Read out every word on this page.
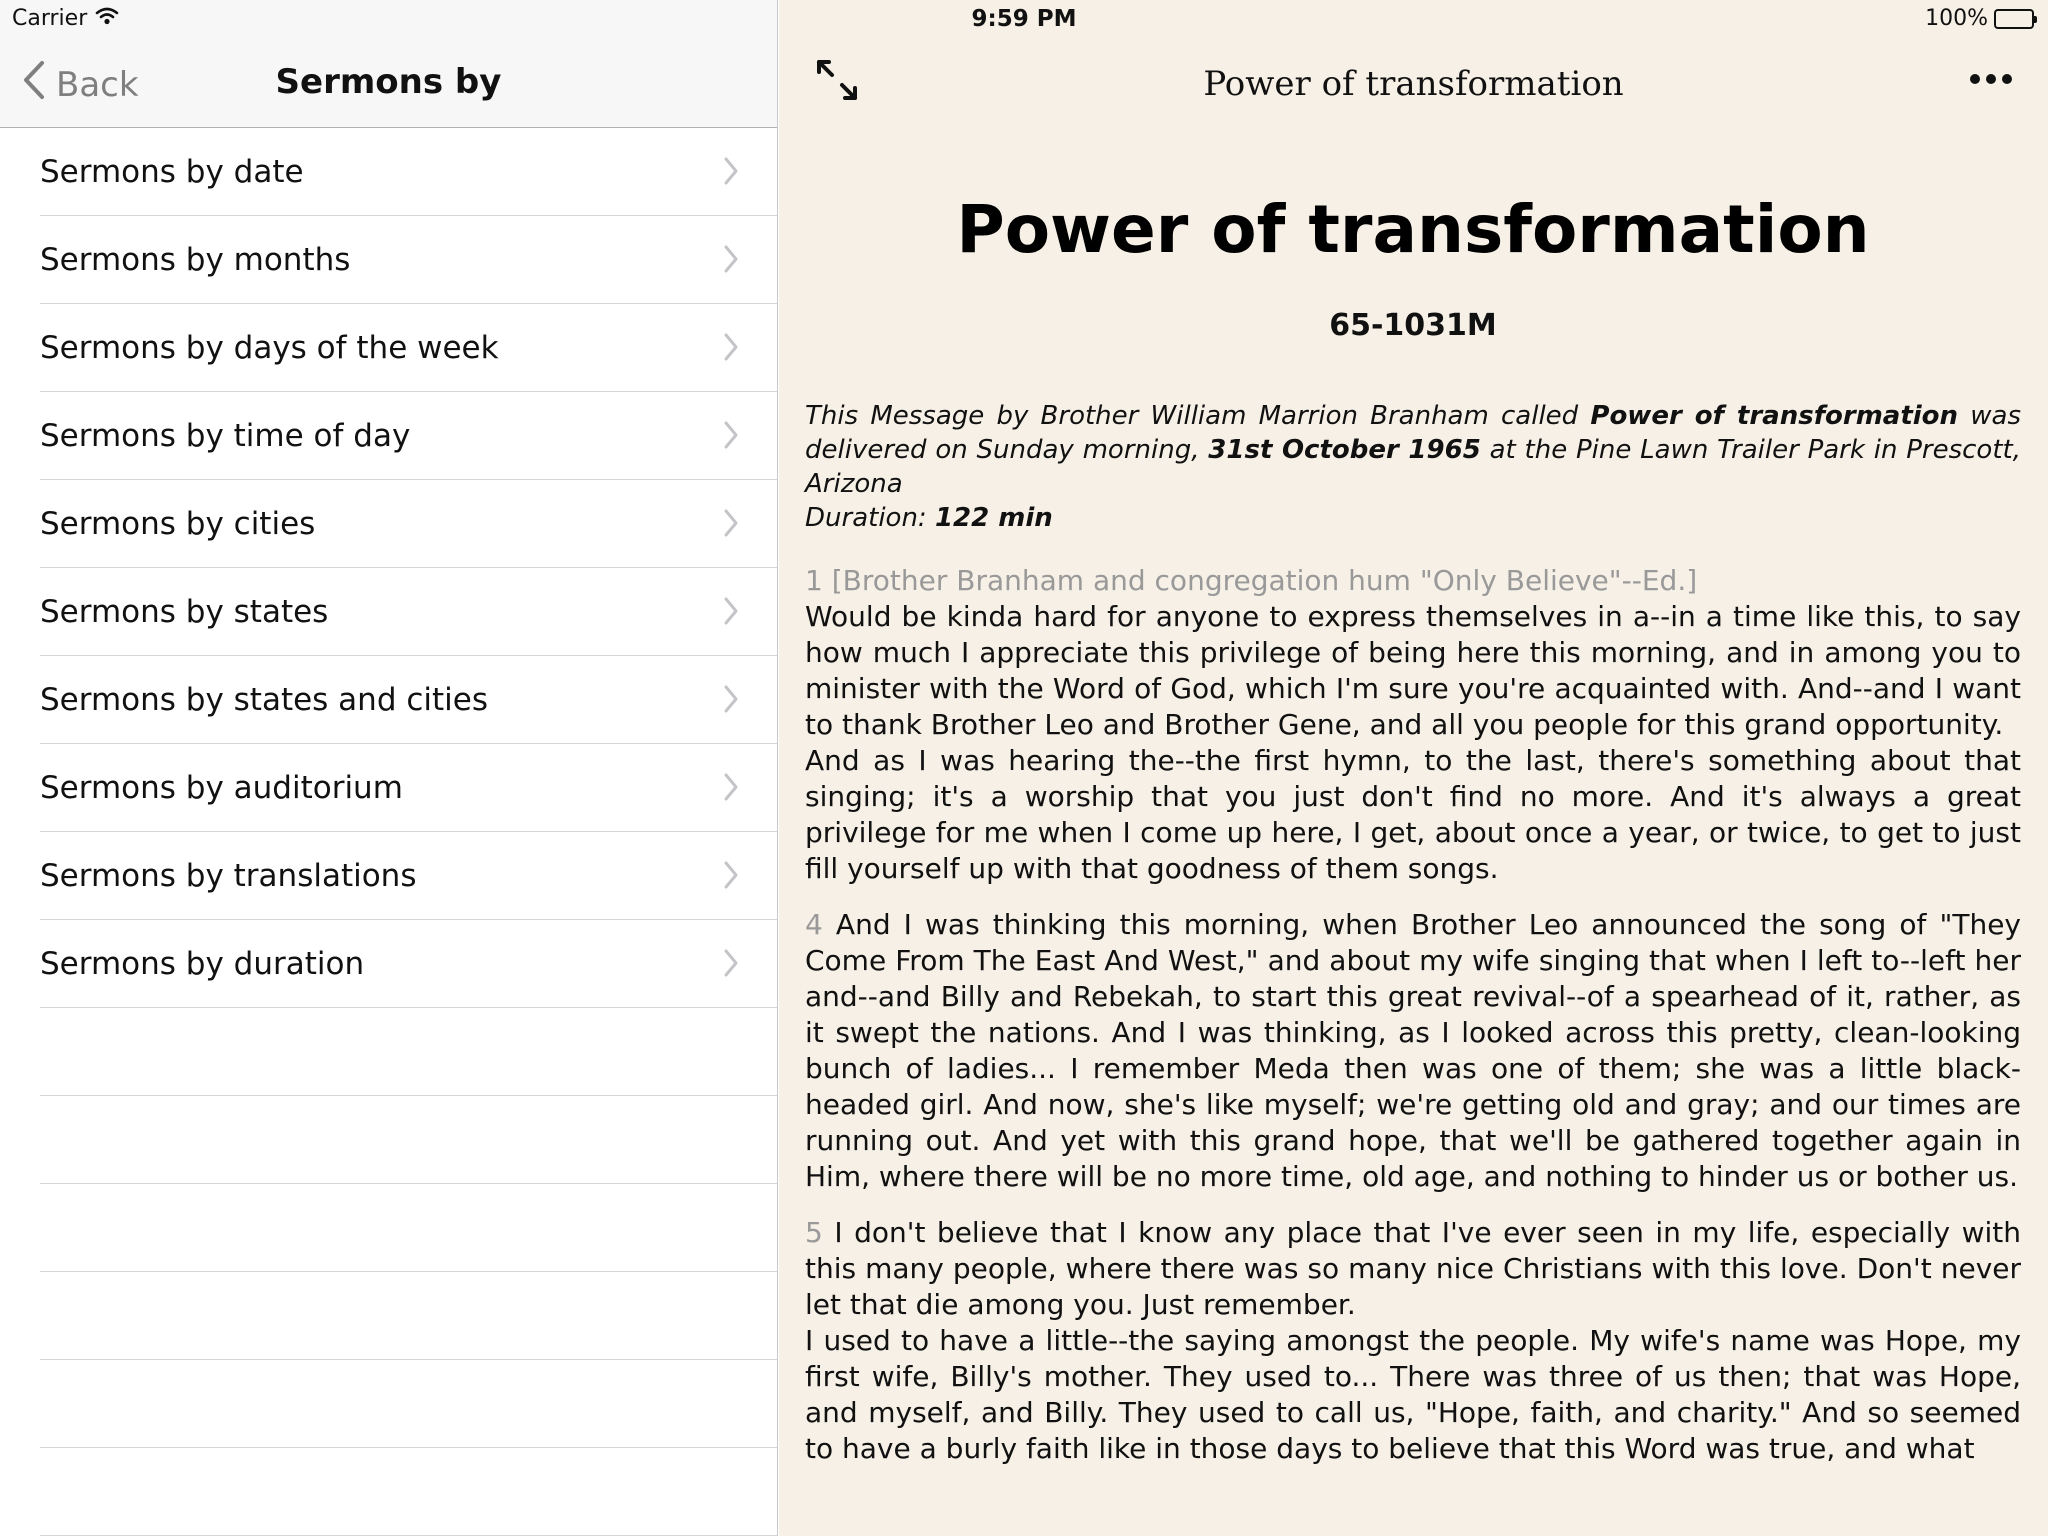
Carrier	9:59 PM	100%
Back	Sermons by
Sermons by date
Sermons by months
Sermons by days of the week
Sermons by time of day
Sermons by cities
Sermons by states
Sermons by states and cities
Sermons by auditorium
Sermons by translations
Sermons by duration
Power of transformation
Power of transformation
65-1031M
This Message by Brother William Marrion Branham called Power of transformation was delivered on Sunday morning, 31st October 1965 at the Pine Lawn Trailer Park in Prescott, Arizona
Duration: 122 min
1 [Brother Branham and congregation hum "Only Believe"--Ed.]
Would be kinda hard for anyone to express themselves in a--in a time like this, to say how much I appreciate this privilege of being here this morning, and in among you to minister with the Word of God, which I'm sure you're acquainted with. And--and I want to thank Brother Leo and Brother Gene, and all you people for this grand opportunity.
And as I was hearing the--the first hymn, to the last, there's something about that singing; it's a worship that you just don't find no more. And it's always a great privilege for me when I come up here, I get, about once a year, or twice, to get to just fill yourself up with that goodness of them songs.
4 And I was thinking this morning, when Brother Leo announced the song of "They Come From The East And West," and about my wife singing that when I left to--left her and--and Billy and Rebekah, to start this great revival--of a spearhead of it, rather, as it swept the nations. And I was thinking, as I looked across this pretty, clean-looking bunch of ladies... I remember Meda then was one of them; she was a little black-headed girl. And now, she's like myself; we're getting old and gray; and our times are running out. And yet with this grand hope, that we'll be gathered together again in Him, where there will be no more time, old age, and nothing to hinder us or bother us.
5 I don't believe that I know any place that I've ever seen in my life, especially with this many people, where there was so many nice Christians with this love. Don't never let that die among you. Just remember.
I used to have a little--the saying amongst the people. My wife's name was Hope, my first wife, Billy's mother. They used to... There was three of us then; that was Hope, and myself, and Billy. They used to call us, "Hope, faith, and charity." And so seemed to have a burly faith like in those days to believe that this Word was true, and what
